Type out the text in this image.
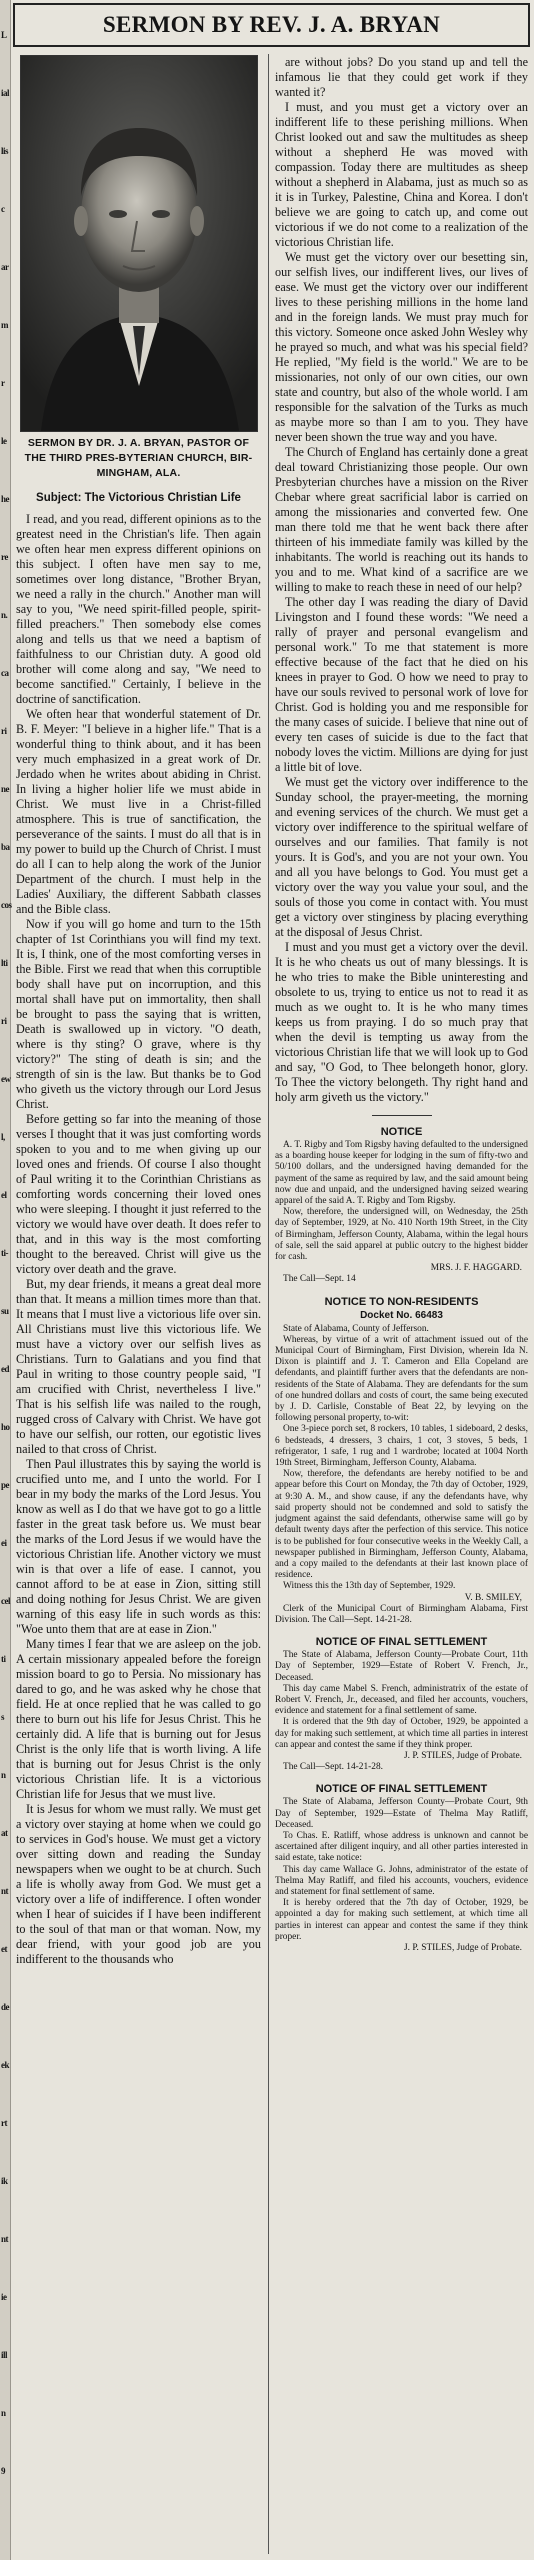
L
ial
lis
c
ar
m
r
le
he
re
n.
ca
ri
ne
ba
cos
lti
ri
ew
l,
el
ti-
su
ed
ho
pe
ei
cel
ti
s
n
at
nt
et
de
ek
rt
ik
nt
ie
ill
n
9
SERMON BY REV. J. A. BRYAN
SERMON BY DR. J. A. BRYAN, PASTOR OF THE THIRD PRES-BYTERIAN CHURCH, BIR-MINGHAM, ALA.
Subject: The Victorious Christian Life

I read, and you read, different opinions as to the greatest need in the Christian's life. Then again we often hear men express different opinions on this subject. I often have men say to me, sometimes over long distance, "Brother Bryan, we need a rally in the church." Another man will say to you, "We need spirit-filled people, spirit-filled preachers." Then somebody else comes along and tells us that we need a baptism of faithfulness to our Christian duty. A good old brother will come along and say, "We need to become sanctified." Certainly, I believe in the doctrine of sanctification.

We often hear that wonderful statement of Dr. B. F. Meyer: "I believe in a higher life." That is a wonderful thing to think about, and it has been very much emphasized in a great work of Dr. Jerdado when he writes about abiding in Christ. In living a higher holier life we must abide in Christ. We must live in a Christ-filled atmosphere. This is true of sanctification, the perseverance of the saints. I must do all that is in my power to build up the Church of Christ. I must do all I can to help along the work of the Junior Department of the church. I must help in the Ladies' Auxiliary, the different Sabbath classes and the Bible class.

Now if you will go home and turn to the 15th chapter of 1st Corinthians you will find my text. It is, I think, one of the most comforting verses in the Bible. First we read that when this corruptible body shall have put on incorruption, and this mortal shall have put on immortality, then shall be brought to pass the saying that is written, Death is swallowed up in victory. "O death, where is thy sting? O grave, where is thy victory?" The sting of death is sin; and the strength of sin is the law. But thanks be to God who giveth us the victory through our Lord Jesus Christ.

Before getting so far into the meaning of those verses I thought that it was just comforting words spoken to you and to me when giving up our loved ones and friends. Of course I also thought of Paul writing it to the Corinthian Christians as comforting words concerning their loved ones who were sleeping. I thought it just referred to the victory we would have over death. It does refer to that, and in this way is the most comforting thought to the bereaved. Christ will give us the victory over death and the grave.

But, my dear friends, it means a great deal more than that. It means a million times more than that. It means that I must live a victorious life over sin. All Christians must live this victorious life. We must have a victory over our selfish lives as Christians. Turn to Galatians and you find that Paul in writing to those country people said, "I am crucified with Christ, nevertheless I live." That is his selfish life was nailed to the rough, rugged cross of Calvary with Christ. We have got to have our selfish, our rotten, our egotistic lives nailed to that cross of Christ.

Then Paul illustrates this by saying the world is crucified unto me, and I unto the world. For I bear in my body the marks of the Lord Jesus. You know as well as I do that we have got to go a little faster in the great task before us. We must bear the marks of the Lord Jesus if we would have the victorious Christian life. Another victory we must win is that over a life of ease. I cannot, you cannot afford to be at ease in Zion, sitting still and doing nothing for Jesus Christ. We are given warning of this easy life in such words as this: "Woe unto them that are at ease in Zion."

Many times I fear that we are asleep on the job. A certain missionary appealed before the foreign mission board to go to Persia. No missionary has dared to go, and he was asked why he chose that field. He at once replied that he was called to go there to burn out his life for Jesus Christ. This he certainly did. A life that is burning out for Jesus Christ is the only life that is worth living. A life that is burning out for Jesus Christ is the only victorious Christian life. It is a victorious Christian life for Jesus that we must live.

It is Jesus for whom we must rally. We must get a victory over staying at home when we could go to services in God's house. We must get a victory over sitting down and reading the Sunday newspapers when we ought to be at church. Such a life is wholly away from God. We must get a victory over a life of indifference. I often wonder when I hear of suicides if I have been indifferent to the soul of that man or that woman. Now, my dear friend, with your good job are you indifferent to the thousands who

are without jobs? Do you stand up and tell the infamous lie that they could get work if they wanted it?

I must, and you must get a victory over an indifferent life to these perishing millions. When Christ looked out and saw the multitudes as sheep without a shepherd He was moved with compassion. Today there are multitudes as sheep without a shepherd in Alabama, just as much so as it is in Turkey, Palestine, China and Korea. I don't believe we are going to catch up, and come out victorious if we do not come to a realization of the victorious Christian life.

We must get the victory over our besetting sin, our selfish lives, our indifferent lives, our lives of ease. We must get the victory over our indifferent lives to these perishing millions in the home land and in the foreign lands. We must pray much for this victory. Someone once asked John Wesley why he prayed so much, and what was his special field? He replied, "My field is the world." We are to be missionaries, not only of our own cities, our own state and country, but also of the whole world. I am responsible for the salvation of the Turks as much as maybe more so than I am to you. They have never been shown the true way and you have.

The Church of England has certainly done a great deal toward Christianizing those people. Our own Presbyterian churches have a mission on the River Chebar where great sacrificial labor is carried on among the missionaries and converted few. One man there told me that he went back there after thirteen of his immediate family was killed by the inhabitants. The world is reaching out its hands to you and to me. What kind of a sacrifice are we willing to make to reach these in need of our help?

The other day I was reading the diary of David Livingston and I found these words: "We need a rally of prayer and personal evangelism and personal work." To me that statement is more effective because of the fact that he died on his knees in prayer to God. O how we need to pray to have our souls revived to personal work of love for Christ. God is holding you and me responsible for the many cases of suicide. I believe that nine out of every ten cases of suicide is due to the fact that nobody loves the victim. Millions are dying for just a little bit of love.

We must get the victory over indifference to the Sunday school, the prayer-meeting, the morning and evening services of the church. We must get a victory over indifference to the spiritual welfare of ourselves and our families. That family is not yours. It is God's, and you are not your own. You and all you have belongs to God. You must get a victory over the way you value your soul, and the souls of those you come in contact with. You must get a victory over stinginess by placing everything at the disposal of Jesus Christ.

I must and you must get a victory over the devil. It is he who cheats us out of many blessings. It is he who tries to make the Bible uninteresting and obsolete to us, trying to entice us not to read it as much as we ought to. It is he who many times keeps us from praying. I do so much pray that when the devil is tempting us away from the victorious Christian life that we will look up to God and say, "O God, to Thee belongeth honor, glory. To Thee the victory belongeth. Thy right hand and holy arm giveth us the victory."

NOTICE

A. T. Rigby and Tom Rigsby having defaulted to the undersigned as a boarding house keeper for lodging in the sum of fifty-two and 50/100 dollars, and the undersigned having demanded for the payment of the same as required by law, and the said amount being now due and unpaid, and the undersigned having seized wearing apparel of the said A. T. Rigby and Tom Rigsby.

Now, therefore, the undersigned will, on Wednesday, the 25th day of September, 1929, at No. 410 North 19th Street, in the City of Birmingham, Jefferson County, Alabama, within the legal hours of sale, sell the said apparel at public outcry to the highest bidder for cash.

MRS. J. F. HAGGARD.

The Call—Sept. 14

NOTICE TO NON-RESIDENTS
Docket No. 66483

State of Alabama, County of Jefferson.

Whereas, by virtue of a writ of attachment issued out of the Municipal Court of Birmingham, First Division, wherein Ida N. Dixon is plaintiff and J. T. Cameron and Ella Copeland are defendants, and plaintiff further avers that the defendants are non-residents of the State of Alabama. They are defendants for the sum of one hundred dollars and costs of court, the same being executed by J. D. Carlisle, Constable of Beat 22, by levying on the following personal property, to-wit:

One 3-piece porch set, 8 rockers, 10 tables, 1 sideboard, 2 desks, 6 bedsteads, 4 dressers, 3 chairs, 1 cot, 3 stoves, 5 beds, 1 refrigerator, 1 safe, 1 rug and 1 wardrobe; located at 1004 North 19th Street, Birmingham, Jefferson County, Alabama.

Now, therefore, the defendants are hereby notified to be and appear before this Court on Monday, the 7th day of October, 1929, at 9:30 A. M., and show cause, if any the defendants have, why said property should not be condemned and sold to satisfy the judgment against the said defendants, otherwise same will go by default twenty days after the perfection of this service. This notice is to be published for four consecutive weeks in the Weekly Call, a newspaper published in Birmingham, Jefferson County, Alabama, and a copy mailed to the defendants at their last known place of residence.

Witness this the 13th day of September, 1929.

V. B. SMILEY,

Clerk of the Municipal Court of Birmingham Alabama, First Division. The Call—Sept. 14-21-28.

NOTICE OF FINAL SETTLEMENT

The State of Alabama, Jefferson County—Probate Court, 11th Day of September, 1929—Estate of Robert V. French, Jr., Deceased.

This day came Mabel S. French, administratrix of the estate of Robert V. French, Jr., deceased, and filed her accounts, vouchers, evidence and statement for a final settlement of same.

It is ordered that the 9th day of October, 1929, be appointed a day for making such settlement, at which time all parties in interest can appear and contest the same if they think proper.

J. P. STILES, Judge of Probate.

The Call—Sept. 14-21-28.

NOTICE OF FINAL SETTLEMENT

The State of Alabama, Jefferson County—Probate Court, 9th Day of September, 1929—Estate of Thelma May Ratliff, Deceased.

To Chas. E. Ratliff, whose address is unknown and cannot be ascertained after diligent inquiry, and all other parties interested in said estate, take notice:

This day came Wallace G. Johns, administrator of the estate of Thelma May Ratliff, and filed his accounts, vouchers, evidence and statement for final settlement of same.

It is hereby ordered that the 7th day of October, 1929, be appointed a day for making such settlement, at which time all parties in interest can appear and contest the same if they think proper.

J. P. STILES, Judge of Probate.
